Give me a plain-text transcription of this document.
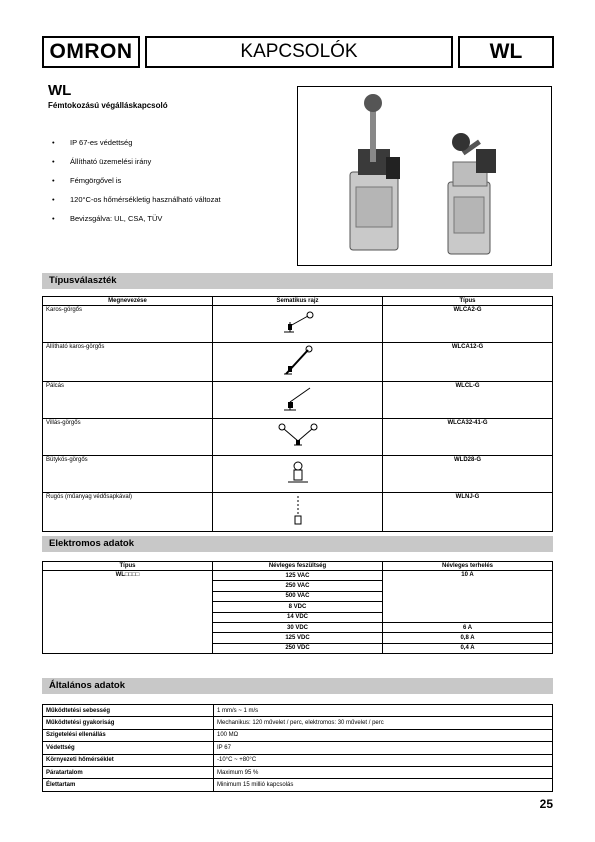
OMRON	KAPCSOLÓK	WL
WL
Fémtokozású végálláskapcsoló
•	IP 67-es védettség
•	Állítható üzemelési irány
•	Fémgörgővel is
•	120°C-os hőmérsékletig használható változat
•	Bevizsgálva: UL, CSA, TÜV
Típusválaszték
Megnevezése	Sematikus rajz	Típus
Karos-görgős		WLCA2-G
Állítható karos-görgős		WLCA12-G
Pálcás		WLCL-G
Villás-görgős		WLCA32-41-G
Bütykös-görgős		WLD28-G
Rugós (műanyag védősapkával)		WLNJ-G
Elektromos adatok
Típus	Névleges feszültség	Névleges terhelés
WL□□□□	125 VAC	10 A
	250 VAC	
	500 VAC	
	8 VDC	
	14 VDC	
	30 VDC	6 A
	125 VDC	0,8 A
	250 VDC	0,4 A
Általános adatok
Működtetési sebesség	1 mm/s ~ 1 m/s
Működtetési gyakoriság	Mechanikus: 120 művelet / perc, elektromos: 30 művelet / perc
Szigetelési ellenállás	100 MΩ
Védettség	IP 67
Környezeti hőmérséklet	-10°C ~ +80°C
Páratartalom	Maximum 95 %
Élettartam	Minimum 15 millió kapcsolás
25
